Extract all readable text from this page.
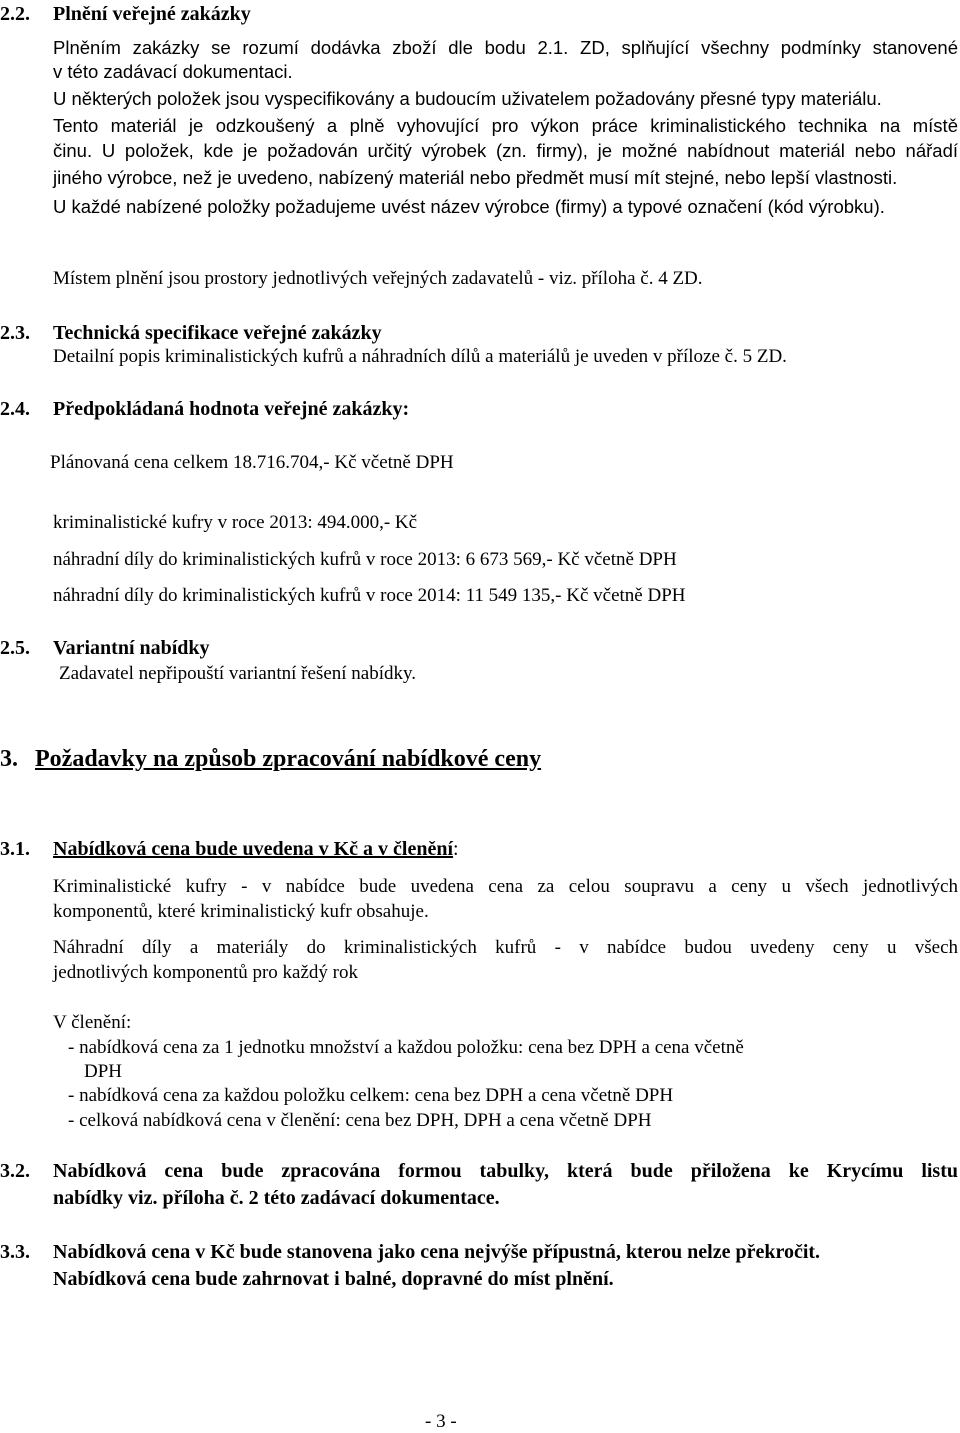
2.2. Plnění veřejné zakázky
Plněním zakázky se rozumí dodávka zboží dle bodu 2.1. ZD, splňující všechny podmínky stanovené
v této zadávací dokumentaci.
U některých položek jsou vyspecifikovány a budoucím uživatelem požadovány přesné typy materiálu.
Tento materiál je odzkoušený a plně vyhovující pro výkon práce kriminalistického technika na místě
činu. U položek, kde je požadován určitý výrobek (zn. firmy), je možné nabídnout materiál nebo nářadí
jiného výrobce, než je uvedeno, nabízený materiál nebo předmět musí mít stejné, nebo lepší vlastnosti.
U každé nabízené položky požadujeme uvést název výrobce (firmy) a typové označení (kód výrobku).
Místem plnění jsou prostory jednotlivých veřejných zadavatelů - viz. příloha č. 4 ZD.
2.3. Technická specifikace veřejné zakázky
Detailní popis kriminalistických kufrů a náhradních dílů a materiálů je uveden v příloze č. 5 ZD.
2.4. Předpokládaná hodnota veřejné zakázky:
Plánovaná cena celkem 18.716.704,- Kč včetně DPH
kriminalistické kufry v roce 2013: 494.000,- Kč
náhradní díly do kriminalistických kufrů v roce 2013: 6 673 569,- Kč včetně DPH
náhradní díly do kriminalistických kufrů v roce 2014: 11 549 135,- Kč včetně DPH
2.5. Variantní nabídky
Zadavatel nepřipouští variantní řešení nabídky.
3. Požadavky na způsob zpracování nabídkové ceny
3.1. Nabídková cena bude uvedena v Kč a v členění:
Kriminalistické kufry - v nabídce bude uvedena cena za celou soupravu a ceny u všech jednotlivých
komponentů, které kriminalistický kufr obsahuje.
Náhradní díly a materiály do kriminalistických kufrů - v nabídce budou uvedeny ceny u všech
jednotlivých komponentů pro každý rok
V členění:
- nabídková cena za 1 jednotku množství a každou položku: cena bez DPH a cena včetně
DPH
- nabídková cena za každou položku celkem: cena bez DPH a cena včetně DPH
- celková nabídková cena v členění: cena bez DPH, DPH a cena včetně DPH
3.2. Nabídková cena bude zpracována formou tabulky, která bude přiložena ke Krycímu listu
nabídky viz. příloha č. 2 této zadávací dokumentace.
3.3. Nabídková cena v Kč bude stanovena jako cena nejvýše přípustná, kterou nelze překročit.
Nabídková cena bude zahrnovat i balné, dopravné do míst plnění.
- 3 -
